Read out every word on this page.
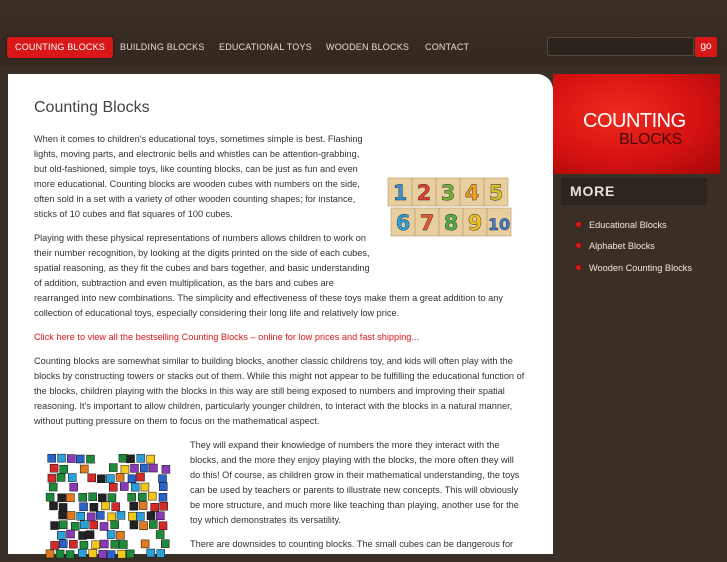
COUNTING BLOCKS	BUILDING BLOCKS EDUCATIONAL TOYS WOODEN BLOCKS CONTACT	go
Counting Blocks
When it comes to children's educational toys, sometimes simple is best. Flashing lights, moving parts, and electronic bells and whistles can be attention-grabbing, but old-fashioned, simple toys, like counting blocks, can be just as fun and even more educational. Counting blocks are wooden cubes with numbers on the side, often sold in a set with a variety of other wooden counting shapes; for instance, sticks of 10 cubes and flat squares of 100 cubes.
1 2 3 4 5
6 7 8 9 10
Playing with these physical representations of numbers allows children to work on their number recognition, by looking at the digits printed on the side of each cubes, spatial reasoning, as they fit the cubes and bars together, and basic understanding of addition, subtraction and even multiplication, as the bars and cubes are rearranged into new combinations. The simplicity and effectiveness of these toys make them a great addition to any collection of educational toys, especially considering their long life and relatively low price.
Click here to view all the bestselling Counting Blocks – online for low prices and fast shipping...
Counting blocks are somewhat similar to building blocks, another classic childrens toy, and kids will often play with the blocks by constructing towers or stacks out of them. While this might not appear to be fulfilling the educational function of the blocks, children playing with the blocks in this way are still being exposed to numbers and improving their spatial reasoning. It's important to allow children, particularly younger children, to interact with the blocks in a natural manner, without putting pressure on them to focus on the mathematical aspect.
They will expand their knowledge of numbers the more they interact with the blocks, and the more they enjoy playing with the blocks, the more often they will do this! Of course, as children grow in their mathematical understanding, the toys can be used by teachers or parents to illustrate new concepts. This will obviously be more structure, and much more like teaching than playing, another use for the toy which demonstrates its versatility.
There are downsides to counting blocks. The small cubes can be dangerous for
COUNTING
BLOCKS
MORE
Educational Blocks
Alphabet Blocks
Wooden Counting Blocks
